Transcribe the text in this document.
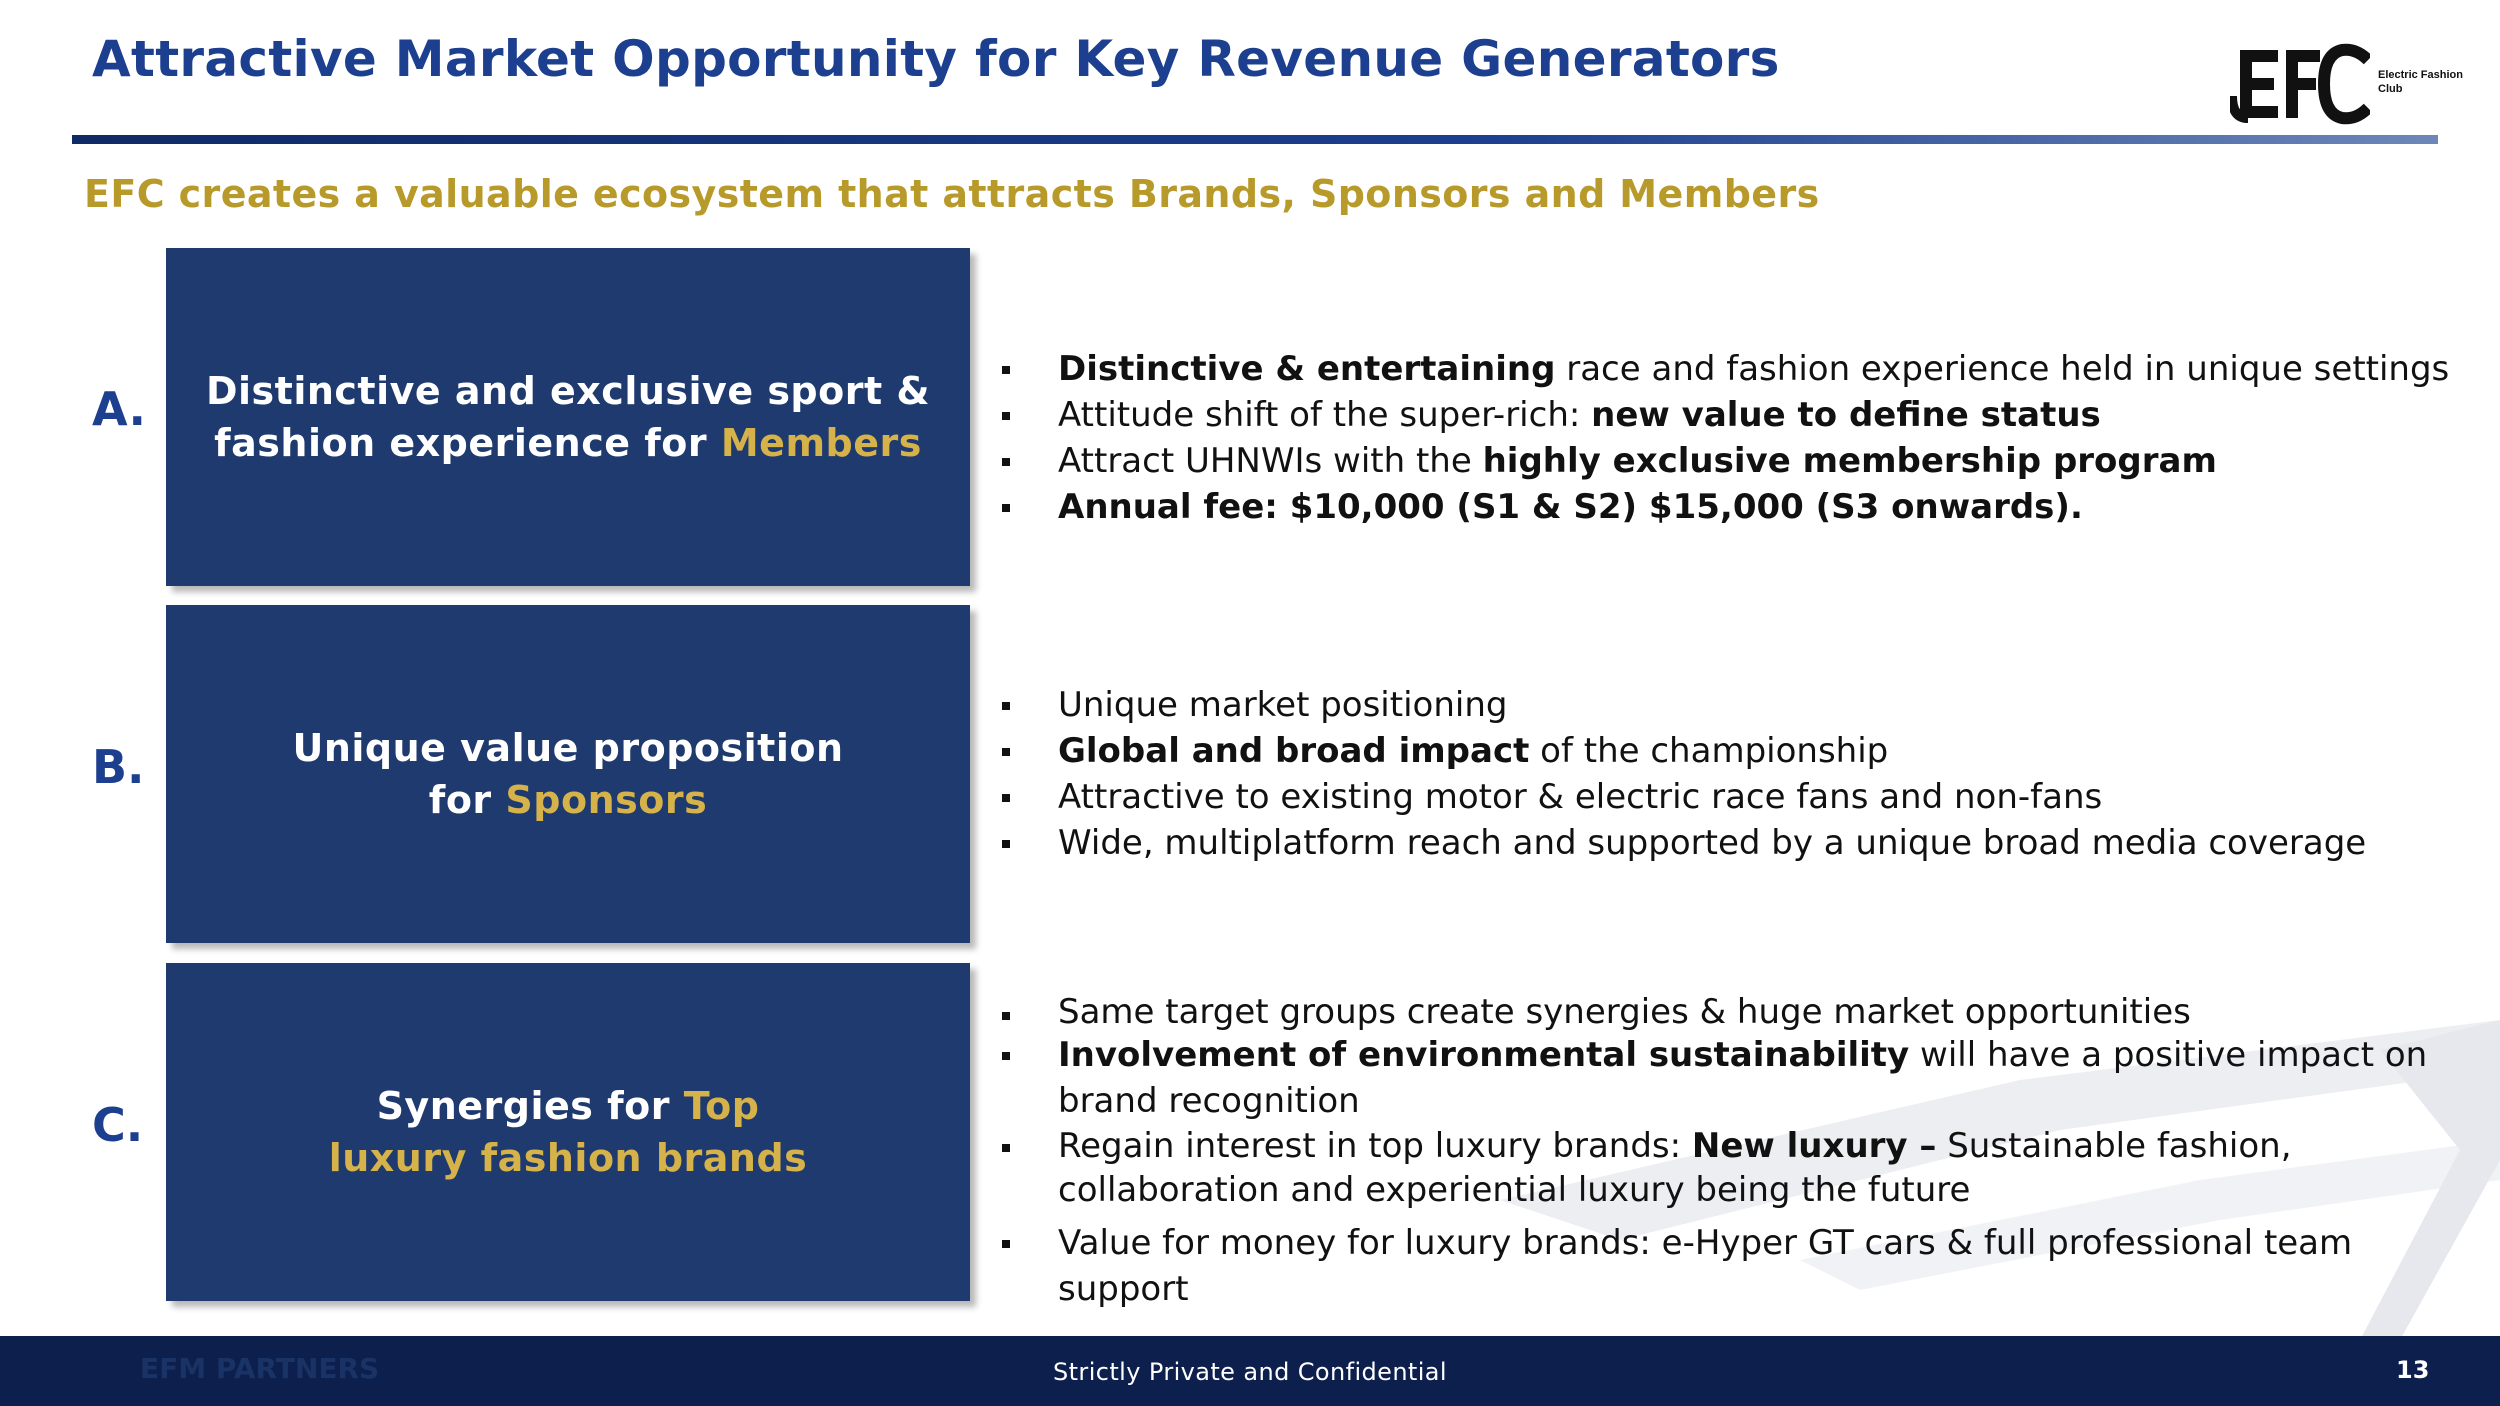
Attractive Market Opportunity for Key Revenue Generators	Electric Fashion Club
EFC creates a valuable ecosystem that attracts Brands, Sponsors and Members
A. Distinctive and exclusive sport &
fashion experience for Members
Distinctive & entertaining race and fashion experience held in unique settings
Attitude shift of the super-rich: new value to define status
Attract UHNWIs with the highly exclusive membership program
Annual fee: $10,000 (S1 & S2) $15,000 (S3 onwards).
B.	Unique value proposition
for Sponsors
Unique market positioning
Global and broad impact of the championship
Attractive to existing motor & electric race fans and non-fans
Wide, multiplatform reach and supported by a unique broad media coverage
C.	Synergies for Top
luxury fashion brands
Same target groups create synergies & huge market opportunities
Involvement of environmental sustainability will have a positive impact on brand recognition
Regain interest in top luxury brands: New luxury – Sustainable fashion, collaboration and experiential luxury being the future
Value for money for luxury brands: e-Hyper GT cars & full professional team support
EFM PARTNERS	Strictly Private and Confidential	13
